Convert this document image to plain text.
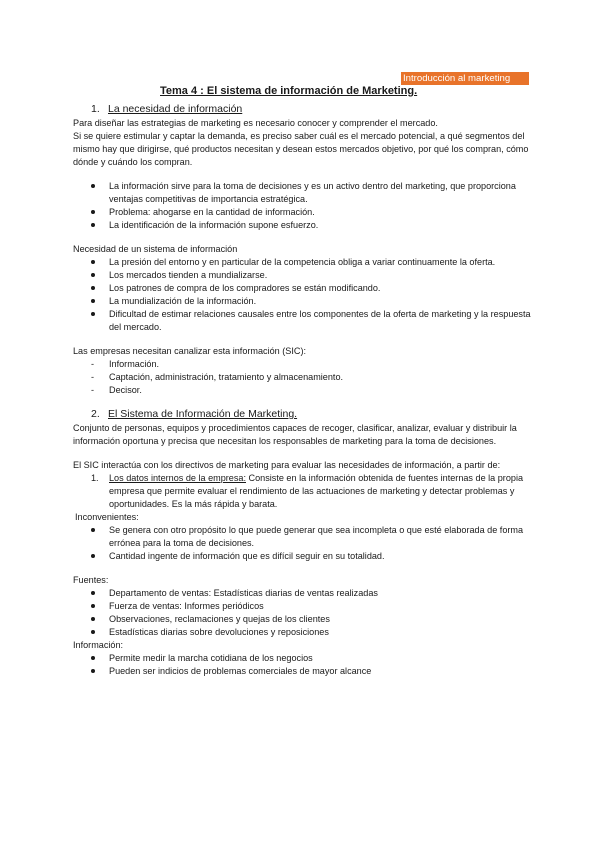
Introducción al marketing
Tema 4 : El sistema de información de Marketing.
1. La necesidad de información

Para diseñar las estrategias de marketing es necesario conocer y comprender el mercado.

Si se quiere estimular y captar la demanda, es preciso saber cuál es el mercado potencial, a qué segmentos del mismo hay que dirigirse, qué productos necesitan y desean estos mercados objetivo, por qué los compran, cómo dónde y cuándo los compran.

La información sirve para la toma de decisiones y es un activo dentro del marketing, que proporciona ventajas competitivas de importancia estratégica.
Problema: ahogarse en la cantidad de información.
La identificación de la información supone esfuerzo.

Necesidad de un sistema de información

La presión del entorno y en particular de la competencia obliga a variar continuamente la oferta.
Los mercados tienden a mundializarse.
Los patrones de compra de los compradores se están modificando.
La mundialización de la información.
Dificultad de estimar relaciones causales entre los componentes de la oferta de marketing y la respuesta del mercado.

Las empresas necesitan canalizar esta información (SIC):

- Información.
- Captación, administración, tratamiento y almacenamiento.
- Decisor.
2. El Sistema de Información de Marketing.

Conjunto de personas, equipos y procedimientos capaces de recoger, clasificar, analizar, evaluar y distribuir la información oportuna y precisa que necesitan los responsables de marketing para la toma de decisiones.

El SIC interactúa con los directivos de marketing para evaluar las necesidades de información, a partir de:

1. Los datos internos de la empresa: Consiste en la información obtenida de fuentes internas de la propia empresa que permite evaluar el rendimiento de las actuaciones de marketing y detectar problemas y oportunidades. Es la más rápida y barata.

Inconvenientes:

Se genera con otro propósito lo que puede generar que sea incompleta o que esté elaborada de forma errónea para la toma de decisiones.
Cantidad ingente de información que es difícil seguir en su totalidad.

Fuentes:

Departamento de ventas: Estadísticas diarias de ventas realizadas
Fuerza de ventas: Informes periódicos
Observaciones, reclamaciones y quejas de los clientes
Estadísticas diarias sobre devoluciones y reposiciones

Información:

Permite medir la marcha cotidiana de los negocios
Pueden ser indicios de problemas comerciales de mayor alcance
